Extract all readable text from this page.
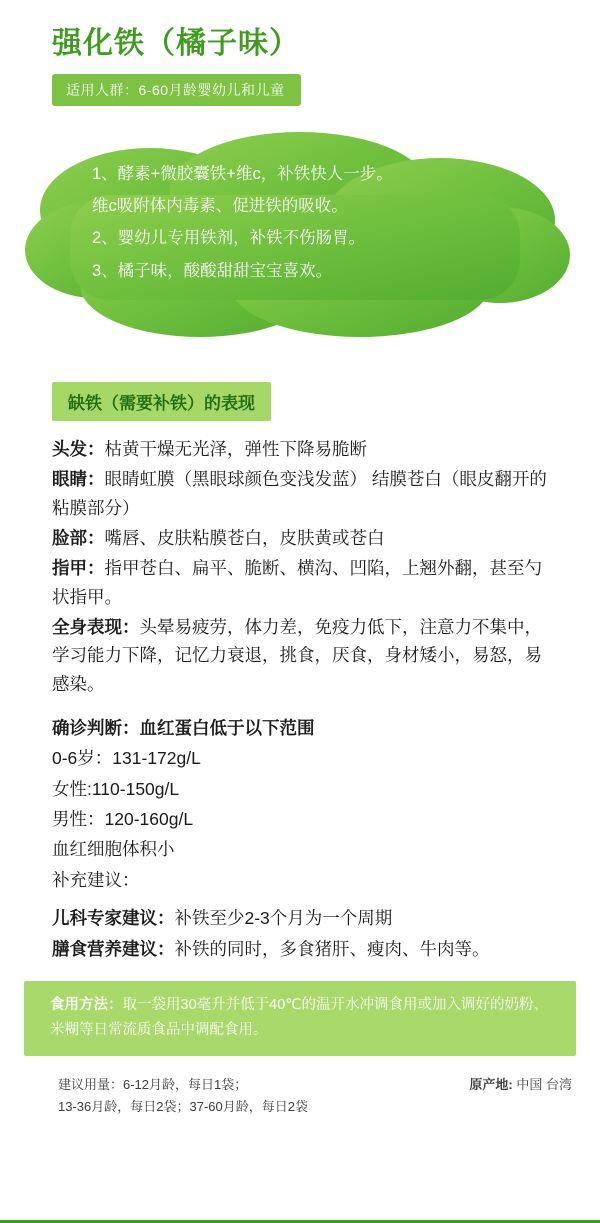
强化铁（橘子味）
适用人群：6-60月龄婴幼儿和儿童
1、酵素+微胶囊铁+维c，补铁快人一步。
维c吸附体内毒素、促进铁的吸收。
2、婴幼儿专用铁剂，补铁不伤肠胃。
3、橘子味，酸酸甜甜宝宝喜欢。
缺铁（需要补铁）的表现

头发：枯黄干燥无光泽，弹性下降易脆断

眼睛：眼睛虹膜（黑眼球颜色变浅发蓝） 结膜苍白（眼皮翻开的粘膜部分）

脸部：嘴唇、皮肤粘膜苍白，皮肤黄或苍白

指甲：指甲苍白、扁平、脆断、横沟、凹陷，上翘外翻，甚至勺状指甲。

全身表现：头晕易疲劳，体力差，免疫力低下，注意力不集中，学习能力下降，记忆力衰退，挑食，厌食，身材矮小，易怒，易感染。

确诊判断：血红蛋白低于以下范围

0-6岁：131-172g/L

女性:110-150g/L

男性：120-160g/L

血红细胞体积小

补充建议：

儿科专家建议：补铁至少2-3个月为一个周期

膳食营养建议：补铁的同时，多食猪肝、瘦肉、牛肉等。

食用方法：取一袋用30毫升并低于40℃的温开水冲调食用或加入调好的奶粉、米糊等日常流质食品中调配食用。
建议用量：6-12月龄，每日1袋；
13-36月龄，每日2袋；37-60月龄，每日2袋
原产地: 中国 台湾
